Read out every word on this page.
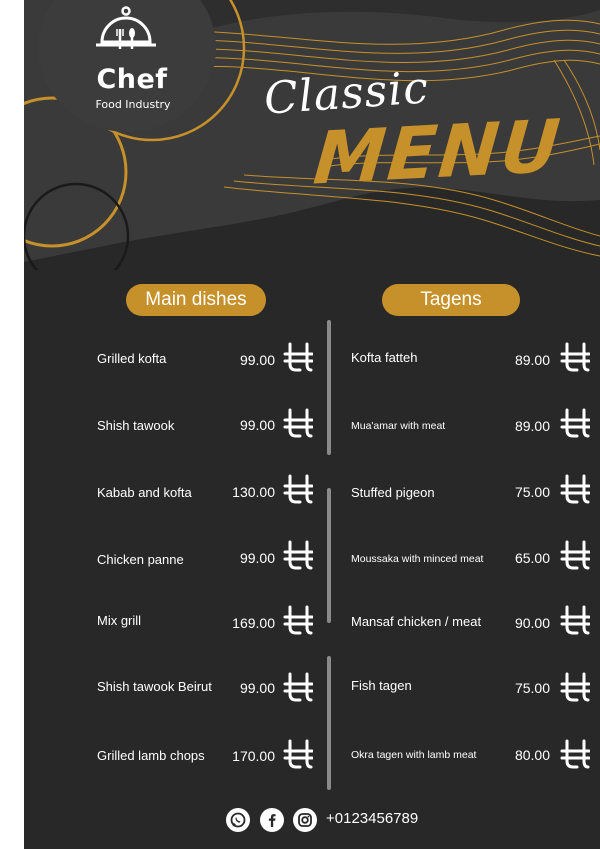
Chef
Food Industry	Classic
MENU
Main dishes	Tagens
Grilled kofta	99.00
Shish tawook	99.00
Kabab and kofta	130.00
Chicken panne	99.00
Mix grill	169.00
Shish tawook Beirut	99.00
Grilled lamb chops	170.00
Kofta fatteh	89.00
Mua'amar with meat	89.00
Stuffed pigeon	75.00
Moussaka with minced meat	65.00
Mansaf chicken / meat	90.00
Fish tagen	75.00
Okra tagen with lamb meat	80.00
+0123456789
